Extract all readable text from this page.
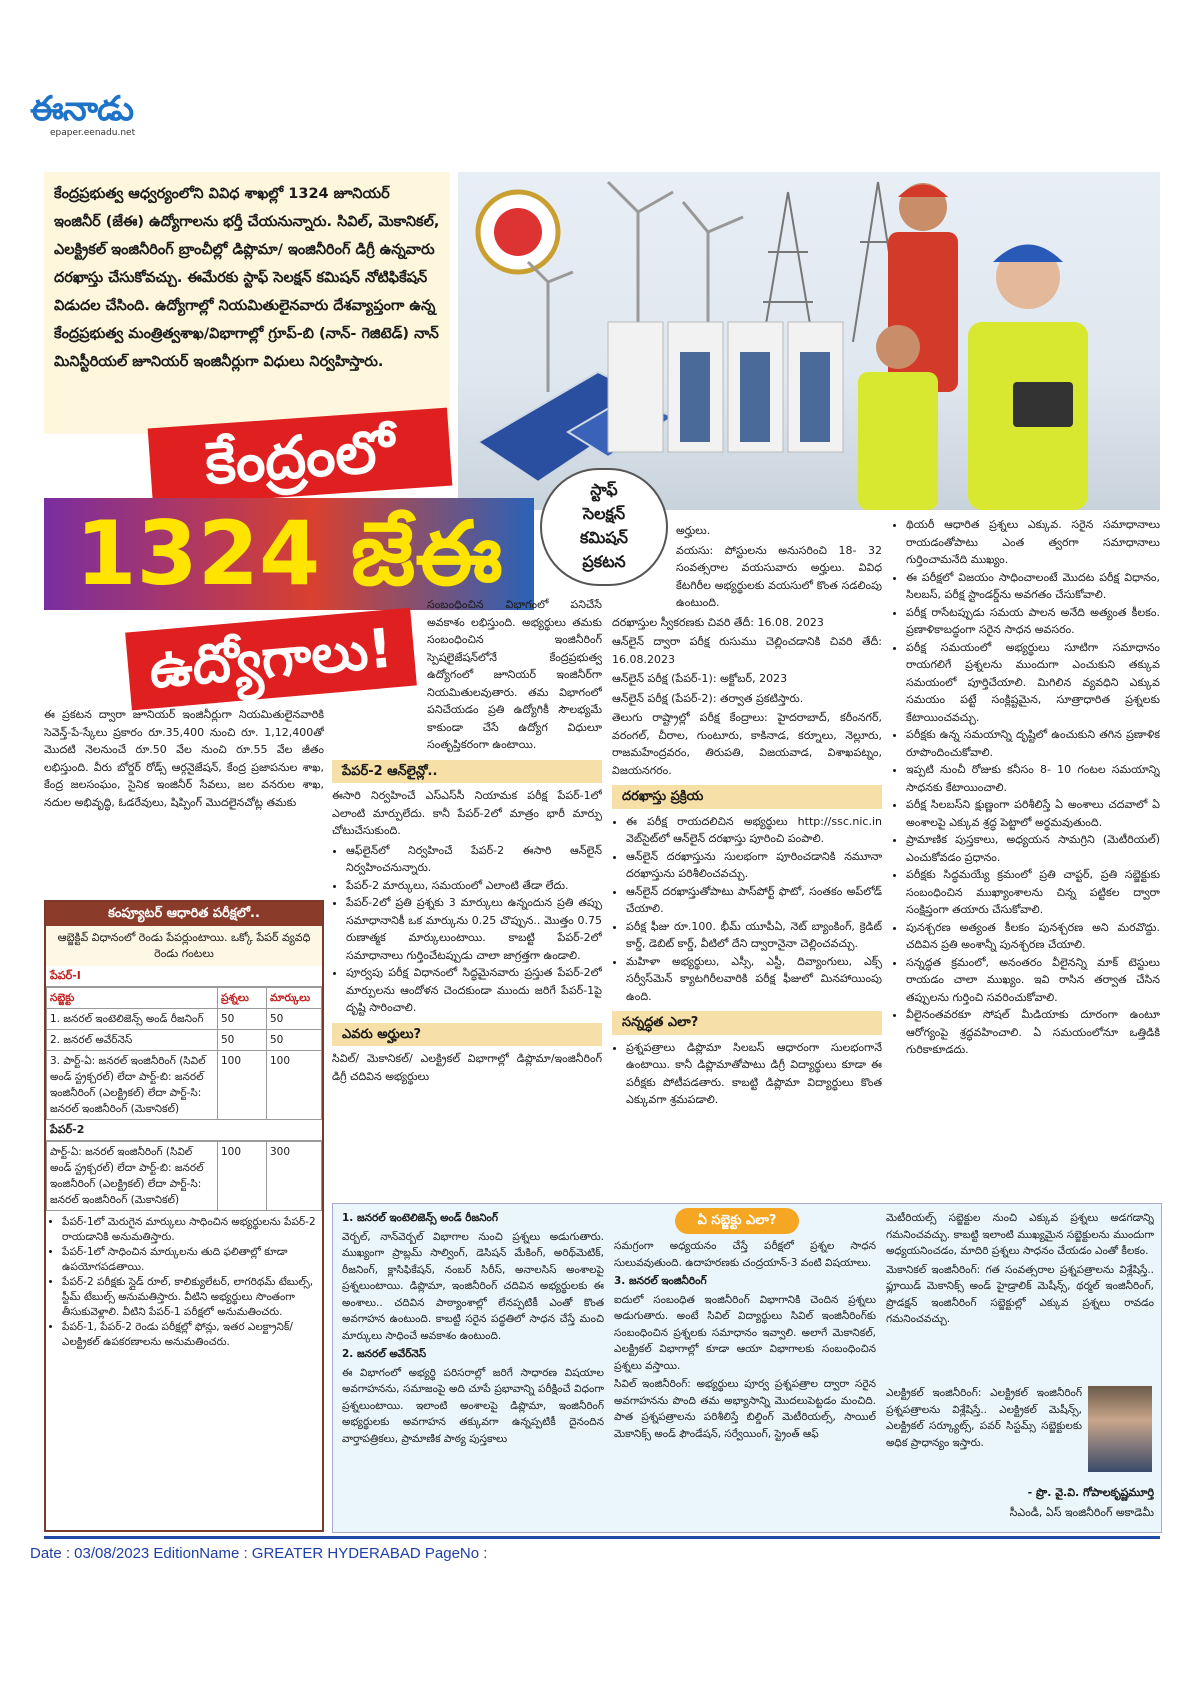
ఈనాడు
epaper.eenadu.net
కేంద్రప్రభుత్వ ఆధ్వర్యంలోని వివిధ శాఖల్లో 1324 జూనియర్ ఇంజినీర్ (జేఈ) ఉద్యోగాలను భర్తీ చేయనున్నారు. సివిల్, మెకానికల్, ఎలక్ట్రికల్ ఇంజినీరింగ్ బ్రాంచీల్లో డిప్లొమా/ ఇంజినీరింగ్ డిగ్రీ ఉన్నవారు దరఖాస్తు చేసుకోవచ్చు. ఈమేరకు స్టాఫ్ సెలక్షన్ కమిషన్ నోటిఫికేషన్ విడుదల చేసింది. ఉద్యోగాల్లో నియమితులైనవారు దేశవ్యాప్తంగా ఉన్న కేంద్రప్రభుత్వ మంత్రిత్వశాఖ/విభాగాల్లో గ్రూప్-బి (నాన్- గెజిటెడ్) నాన్ మినిస్టీరియల్ జూనియర్ ఇంజినీర్లుగా విధులు నిర్వహిస్తారు.
కేంద్రంలో
1324 జేఈ
ఉద్యోగాలు!
స్టాఫ్
సెలక్షన్
కమిషన్
ప్రకటన

ఈ ప్రకటన ద్వారా జూనియర్ ఇంజినీర్లుగా నియమితులైనవారికి సెవెన్త్-పే-స్కేలు ప్రకారం రూ.35,400 నుంచి రూ. 1,12,400తో మొదటి నెలనుంచే రూ.50 వేల నుంచి రూ.55 వేల జీతం లభిస్తుంది. వీరు బోర్డర్ రోడ్స్ ఆర్గనైజేషన్, కేంద్ర ప్రజాపనుల శాఖ, కేంద్ర జలసంఘం, సైనిక ఇంజినీర్ సేవలు, జల వనరుల శాఖ, నదుల అభివృద్ధి, ఓడరేవులు, షిప్పింగ్ మొదలైనచోట్ల తమకు

సంబంధించిన విభాగంలో పనిచేసే అవకాశం లభిస్తుంది. అభ్యర్థులు తమకు సంబంధించిన ఇంజినీరింగ్ స్పెషలైజేషన్‌లోనే కేంద్రప్రభుత్వ ఉద్యోగంలో జూనియర్ ఇంజినీర్‌గా నియమితులవుతారు. తమ విభాగంలో పనిచేయడం ప్రతి ఉద్యోగికీ సౌలభ్యమే కాకుండా చేసే ఉద్యోగ విధులూ సంతృప్తికరంగా ఉంటాయి.

పేపర్-2 ఆన్‌లైన్లో..

ఈసారి నిర్వహించే ఎస్ఎస్‌సీ నియామక పరీక్ష పేపర్-1లో ఎలాంటి మార్పులేదు. కానీ పేపర్-2లో మాత్రం భారీ మార్పు చోటుచేసుకుంది.

• ఆఫ్‌లైన్‌లో నిర్వహించే పేపర్-2 ఈసారి ఆన్‌లైన్ నిర్వహించనున్నారు.
• పేపర్-2 మార్కులు, సమయంలో ఎలాంటి తేడా లేదు.
• పేపర్-2లో ప్రతి ప్రశ్నకు 3 మార్కులు ఉన్నందున ప్రతి తప్పు సమాధానానికీ ఒక మార్కును 0.25 చొప్పున.. మొత్తం 0.75 రుణాత్మక మార్కులుంటాయి. కాబట్టి పేపర్-2లో సమాధానాలు గుర్తించేటప్పుడు చాలా జాగ్రత్తగా ఉండాలి.
• పూర్వపు పరీక్ష విధానంలో సిద్ధమైనవారు ప్రస్తుత పేపర్-2లో మార్పులను ఆందోళన చెందకుండా ముందు జరిగే పేపర్-1పై దృష్టి సారించాలి.
ఎవరు అర్హులు?

సివిల్/ మెకానికల్/ ఎలక్ట్రికల్ విభాగాల్లో డిప్లొమా/ఇంజినీరింగ్ డిగ్రీ చదివిన అభ్యర్థులు

అర్హులు.

వయసు: పోస్టులను అనుసరించి 18- 32 సంవత్సరాల వయసువారు అర్హులు. వివిధ కేటగిరీల అభ్యర్థులకు వయసులో కొంత సడలింపు ఉంటుంది.

దరఖాస్తుల స్వీకరణకు చివరి తేదీ: 16.08. 2023

ఆన్‌లైన్ ద్వారా పరీక్ష రుసుము చెల్లించడానికి చివరి తేదీ: 16.08.2023

ఆన్‌లైన్ పరీక్ష (పేపర్-1): అక్టోబర్, 2023

ఆన్‌లైన్ పరీక్ష (పేపర్-2): తర్వాత ప్రకటిస్తారు.

తెలుగు రాష్ట్రాల్లో పరీక్ష కేంద్రాలు: హైదరాబాద్, కరీంనగర్, వరంగల్, చీరాల, గుంటూరు, కాకినాడ, కర్నూలు, నెల్లూరు, రాజమహేంద్రవరం, తిరుపతి, విజయవాడ, విశాఖపట్నం, విజయనగరం.

దరఖాస్తు ప్రక్రియ
• ఈ పరీక్ష రాయదలిచిన అభ్యర్థులు http://ssc.nic.in వెబ్‌సైట్‌లో ఆన్‌లైన్ దరఖాస్తు పూరించి పంపాలి.
• ఆన్‌లైన్ దరఖాస్తును సులభంగా పూరించడానికి నమూనా దరఖాస్తును పరిశీలించవచ్చు.
• ఆన్‌లైన్ దరఖాస్తుతోపాటు పాస్‌పోర్ట్ ఫొటో, సంతకం అప్‌లోడ్ చేయాలి.
• పరీక్ష ఫీజు రూ.100. భీమ్ యూపీఏ, నెట్ బ్యాంకింగ్, క్రెడిట్ కార్డ్, డెబిట్ కార్డ్, వీటిలో దేని ద్వారానైనా చెల్లించవచ్చు.
• మహిళా అభ్యర్థులు, ఎస్సీ, ఎస్టీ, దివ్యాంగులు, ఎక్స్ సర్వీస్‌మెన్ క్యాటగిరీలవారికి పరీక్ష ఫీజులో మినహాయింపు ఉంది.
సన్నద్ధత ఎలా?
• ప్రశ్నపత్రాలు డిప్లొమా సిలబస్ ఆధారంగా సులభంగానే ఉంటాయి. కానీ డిప్లొమాతోపాటు డిగ్రీ విద్యార్థులు కూడా ఈ పరీక్షకు పోటీపడతారు. కాబట్టి డిప్లొమా విద్యార్థులు కొంత ఎక్కువగా శ్రమపడాలి.
• థియరీ ఆధారిత ప్రశ్నలు ఎక్కువ. సరైన సమాధానాలు రాయడంతోపాటు ఎంత త్వరగా సమాధానాలు గుర్తించామనేది ముఖ్యం.
• ఈ పరీక్షలో విజయం సాధించాలంటే మొదట పరీక్ష విధానం, సిలబస్, పరీక్ష స్టాండర్డ్‌ను అవగతం చేసుకోవాలి.
• పరీక్ష రాసేటప్పుడు సమయ పాలన అనేది అత్యంత కీలకం. ప్రణాళికాబద్ధంగా సరైన సాధన అవసరం.
• పరీక్ష సమయంలో అభ్యర్థులు సూటిగా సమాధానం రాయగలిగే ప్రశ్నలను ముందుగా ఎంచుకుని తక్కువ సమయంలో పూర్తిచేయాలి. మిగిలిన వ్యవధిని ఎక్కువ సమయం పట్టే సంక్లిష్టమైన, సూత్రాధారిత ప్రశ్నలకు కేటాయించవచ్చు.
• పరీక్షకు ఉన్న సమయాన్ని దృష్టిలో ఉంచుకుని తగిన ప్రణాళిక రూపొందించుకోవాలి.
• ఇప్పటి నుంచీ రోజుకు కనీసం 8- 10 గంటల సమయాన్ని సాధనకు కేటాయించాలి.
• పరీక్ష సిలబస్‌ని క్షుణ్ణంగా పరిశీలిస్తే ఏ అంశాలు చదవాలో ఏ అంశాలపై ఎక్కువ శ్రద్ధ పెట్టాలో అర్థమవుతుంది.
• ప్రామాణిక పుస్తకాలు, అధ్యయన సామగ్రిని (మెటీరియల్) ఎంచుకోవడం ప్రధానం.
• పరీక్షకు సిద్ధమయ్యే క్రమంలో ప్రతి చాప్టర్, ప్రతి సబ్జెక్టుకు సంబంధించిన ముఖ్యాంశాలను చిన్న పట్టికల ద్వారా సంక్షిప్తంగా తయారు చేసుకోవాలి.
• పునశ్చరణ అత్యంత కీలకం పునశ్చరణ అని మరవొద్దు. చదివిన ప్రతి అంశాన్నీ పునశ్చరణ చేయాలి.
• సన్నద్ధత క్రమంలో, అనంతరం వీలైనన్ని మాక్ టెస్టులు రాయడం చాలా ముఖ్యం. ఇవి రాసిన తర్వాత చేసిన తప్పులను గుర్తించి సవరించుకోవాలి.
• వీలైనంతవరకూ సోషల్ మీడియాకు దూరంగా ఉంటూ ఆరోగ్యంపై శ్రద్ధవహించాలి. ఏ సమయంలోనూ ఒత్తిడికి గురికాకూడదు.
కంప్యూటర్ ఆధారిత పరీక్షలో..
ఆబ్జెక్టివ్ విధానంలో రెండు పేపర్లుంటాయి. ఒక్కో పేపర్ వ్యవధి రెండు గంటలు
పేపర్-I
సబ్జెక్టు	ప్రశ్నలు	మార్కులు
1. జనరల్ ఇంటెలిజెన్స్ అండ్ రీజనింగ్	50	50
2. జనరల్ అవేర్‌నెస్	50	50
3. పార్ట్-ఏ: జనరల్ ఇంజినీరింగ్ (సివిల్ అండ్ స్ట్రక్చరల్) లేదా పార్ట్-బి: జనరల్ ఇంజినీరింగ్ (ఎలక్ట్రికల్) లేదా పార్ట్-సి: జనరల్ ఇంజినీరింగ్ (మెకానికల్)	100	100
పేపర్-2
పార్ట్-ఏ: జనరల్ ఇంజినీరింగ్ (సివిల్ అండ్ స్ట్రక్చరల్) లేదా పార్ట్-బి: జనరల్ ఇంజినీరింగ్ (ఎలక్ట్రికల్) లేదా పార్ట్-సి: జనరల్ ఇంజినీరింగ్ (మెకానికల్)	100	300
• పేపర్-1లో మెరుగైన మార్కులు సాధించిన అభ్యర్థులను పేపర్-2 రాయడానికి అనుమతిస్తారు.
• పేపర్-1లో సాధించిన మార్కులను తుది ఫలితాల్లో కూడా ఉపయోగపడతాయి.
• పేపర్-2 పరీక్షకు స్లైడ్ రూల్, కాలిక్యులేటర్, లాగరిథమ్ టేబుల్స్, స్టీమ్ టేబుల్స్ అనుమతిస్తారు. వీటిని అభ్యర్థులు సొంతంగా తీసుకువెళ్లాలి. వీటిని పేపర్-1 పరీక్షలో అనుమతించరు.
• పేపర్-1, పేపర్-2 రెండు పరీక్షల్లో ఫోన్లు, ఇతర ఎలక్ట్రానిక్/ఎలక్ట్రికల్ ఉపకరణాలను అనుమతించరు.
ఏ సబ్జెక్టు ఎలా?

1. జనరల్ ఇంటెలిజెన్స్ అండ్ రీజనింగ్

వెర్బల్, నాన్‌వెర్బల్ విభాగాల నుంచి ప్రశ్నలు అడుగుతారు. ముఖ్యంగా ప్రాబ్లమ్ సాల్వింగ్, డెసిషన్ మేకింగ్, అరిథ్‌మెటిక్, రీజనింగ్, క్లాసిఫికేషన్, నంబర్ సిరీస్, అనాలసిస్ అంశాలపై ప్రశ్నలుంటాయి. డిప్లొమా, ఇంజినీరింగ్ చదివిన అభ్యర్థులకు ఈ అంశాలు.. చదివిన పాఠ్యాంశాల్లో లేనప్పటికీ ఎంతో కొంత అవగాహన ఉంటుంది. కాబట్టి సరైన పద్ధతిలో సాధన చేస్తే మంచి మార్కులు సాధించే అవకాశం ఉంటుంది.

2. జనరల్ అవేర్‌నెస్

ఈ విభాగంలో అభ్యర్థి పరిసరాల్లో జరిగే సాధారణ విషయాల అవగాహనను, సమాజంపై అది చూపే ప్రభావాన్ని పరీక్షించే విధంగా ప్రశ్నలుంటాయి. ఇలాంటి అంశాలపై డిప్లొమా, ఇంజినీరింగ్ అభ్యర్థులకు అవగాహన తక్కువగా ఉన్నప్పటికీ దైనందిన వార్తాపత్రికలు, ప్రామాణిక పాఠ్య పుస్తకాలు

సమగ్రంగా అధ్యయనం చేస్తే పరీక్షలో ప్రశ్నల సాధన సులువవుతుంది. ఉదాహరణకు చంద్రయాన్-3 వంటి విషయాలు.

3. జనరల్ ఇంజినీరింగ్

ఐదులో సంబంధిత ఇంజినీరింగ్ విభాగానికి చెందిన ప్రశ్నలు అడుగుతారు. అంటే సివిల్ విద్యార్థులు సివిల్ ఇంజినీరింగ్‌కు సంబంధించిన ప్రశ్నలకు సమాధానం ఇవ్వాలి. అలాగే మెకానికల్, ఎలక్ట్రికల్ విభాగాల్లో కూడా ఆయా విభాగాలకు సంబంధించిన ప్రశ్నలు వస్తాయి.

సివిల్ ఇంజినీరింగ్: అభ్యర్థులు పూర్వ ప్రశ్నపత్రాల ద్వారా సరైన అవగాహనను పొంది తమ అభ్యాసాన్ని మొదలుపెట్టడం మంచిది. పాత ప్రశ్నపత్రాలను పరిశీలిస్తే బిల్డింగ్ మెటీరియల్స్, సాయిల్ మెకానిక్స్ అండ్ ఫౌండేషన్, సర్వేయింగ్, స్ట్రెంత్ ఆఫ్

మెటీరియల్స్ సబ్జెక్టుల నుంచి ఎక్కువ ప్రశ్నలు అడగడాన్ని గమనించవచ్చు. కాబట్టి ఇలాంటి ముఖ్యమైన సబ్జెక్టులను ముందుగా అధ్యయనించడం, మాదిరి ప్రశ్నలు సాధనం చేయడం ఎంతో కీలకం.

మెకానికల్ ఇంజినీరింగ్: గత సంవత్సరాల ప్రశ్నపత్రాలను విశ్లేషిస్తే.. ఫ్లూయిడ్ మెకానిక్స్ అండ్ హైడ్రాలిక్ మెషీన్స్, థర్మల్ ఇంజినీరింగ్, ప్రొడక్షన్ ఇంజినీరింగ్ సబ్జెక్టుల్లో ఎక్కువ ప్రశ్నలు రావడం గమనించవచ్చు.

ఎలక్ట్రికల్ ఇంజినీరింగ్: ఎలక్ట్రికల్ ఇంజినీరింగ్ ప్రశ్నపత్రాలను విశ్లేషిస్తే.. ఎలక్ట్రికల్ మెషీన్స్, ఎలక్ట్రికల్ సర్క్యూట్స్, పవర్ సిస్టమ్స్ సబ్జెక్టులకు అధిక ప్రాధాన్యం ఇస్తారు.

- ప్రొ. వై.వి. గోపాలకృష్ణమూర్తి
సీఎండీ, ఏస్ ఇంజినీరింగ్ అకాడెమీ
Date : 03/08/2023 EditionName : GREATER HYDERABAD PageNo :
